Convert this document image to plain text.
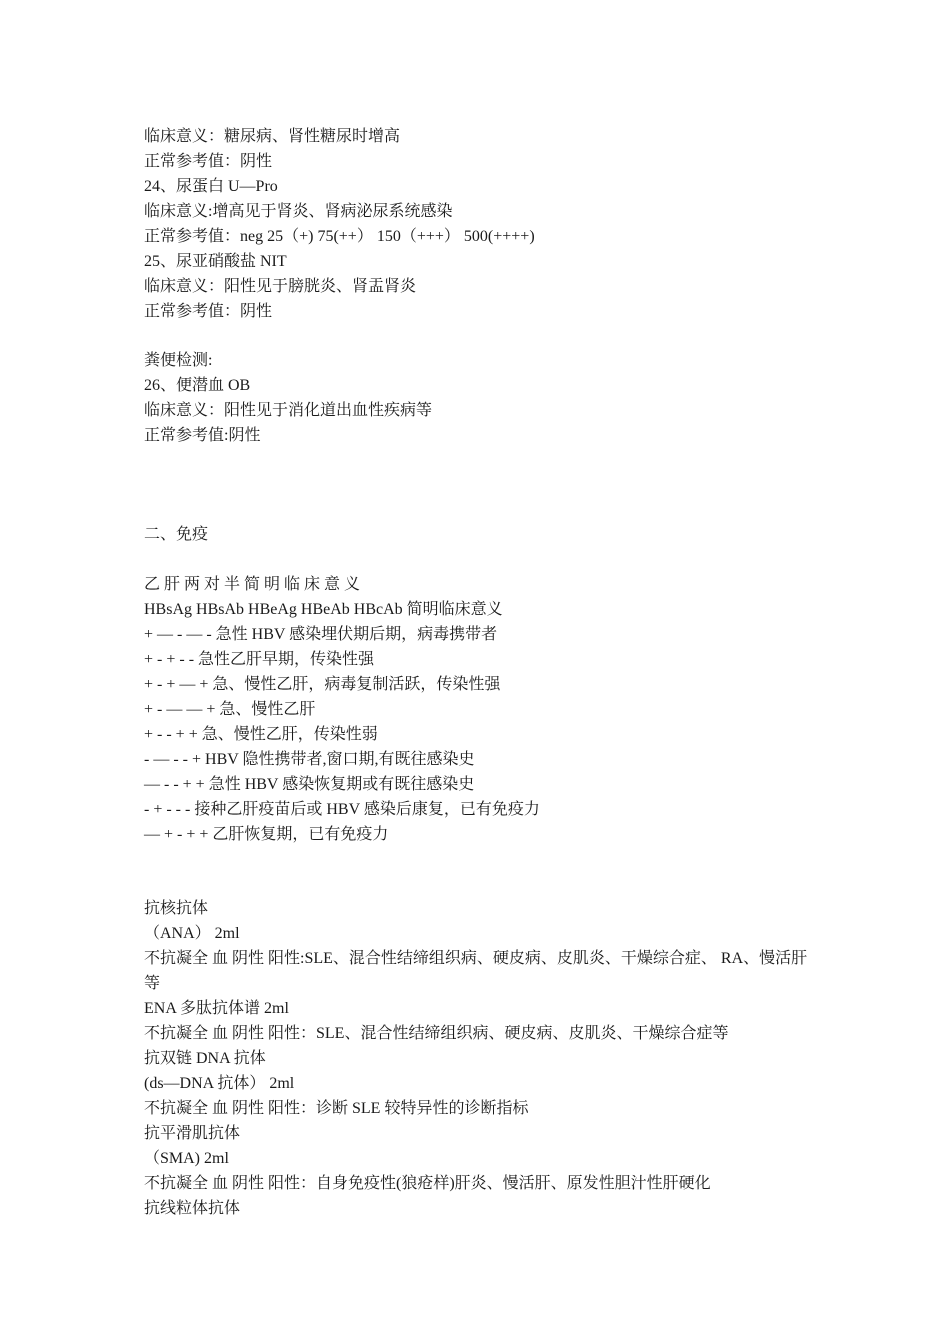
临床意义：糖尿病、肾性糖尿时增高
正常参考值：阴性
24、尿蛋白 U—Pro
临床意义:增高见于肾炎、肾病泌尿系统感染
正常参考值：neg 25（+) 75(++） 150（+++） 500(++++)
25、尿亚硝酸盐 NIT
临床意义：阳性见于膀胱炎、肾盂肾炎
正常参考值：阴性
粪便检测:
26、便潜血 OB
临床意义：阳性见于消化道出血性疾病等
正常参考值:阴性
二、免疫
乙 肝 两 对 半 简 明 临 床 意 义
HBsAg HBsAb HBeAg HBeAb HBcAb 简明临床意义
+ — - — - 急性 HBV 感染埋伏期后期，病毒携带者
+ - + - - 急性乙肝早期，传染性强
+ - + — + 急、慢性乙肝，病毒复制活跃，传染性强
+ - — — + 急、慢性乙肝
+ - - + + 急、慢性乙肝，传染性弱
- — - - + HBV 隐性携带者,窗口期,有既往感染史
— - - + + 急性 HBV 感染恢复期或有既往感染史
- + - - - 接种乙肝疫苗后或 HBV 感染后康复，已有免疫力
— + - + + 乙肝恢复期，已有免疫力
抗核抗体
（ANA） 2ml
不抗凝全 血 阴性 阳性:SLE、混合性结缔组织病、硬皮病、皮肌炎、干燥综合症、 RA、慢活肝等
ENA 多肽抗体谱 2ml
不抗凝全 血 阴性 阳性：SLE、混合性结缔组织病、硬皮病、皮肌炎、干燥综合症等
抗双链 DNA 抗体
(ds—DNA 抗体） 2ml
不抗凝全 血 阴性 阳性：诊断 SLE 较特异性的诊断指标
抗平滑肌抗体
（SMA) 2ml
不抗凝全 血 阴性 阳性：自身免疫性(狼疮样)肝炎、慢活肝、原发性胆汁性肝硬化
抗线粒体抗体
